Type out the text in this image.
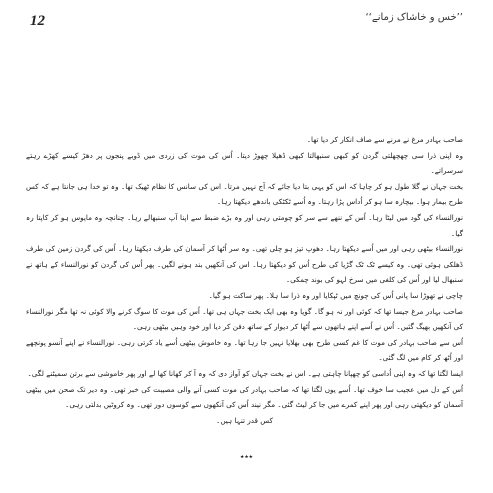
12	’’خس و خاشاک زمانے‘‘

صاحب بہادر مرغ نے مرنے سے صاف انکار کر دیا تھا۔

وہ اپنی ذرا سی چھچھلتی گردن کو کبھی سنبھالتا کبھی ڈھیلا چھوڑ دیتا۔ اُس کی موت کی زردی میں ڈوبے پنجوں پر دھڑ کیسے کھڑے رہتے سرسراتے۔

بخت جہاں نے گلا طول ہو کر چاہا کہ اس کو یہی بتا دیا جائے کہ آج نہیں مرتا۔ اس کی سانس کا نظام ٹھیک تھا۔ وہ تو خدا ہی جانتا ہے کہ کس طرح بیمار ہوا۔ بیچارہ سا ہو کر اُداس پڑا رہتا۔ وہ اُسے ٹکٹکی باندھے دیکھتا رہا۔

نورالنساء کی گود میں لیٹا رہا۔ اُس کے ننھے سے سر کو چومتی رہی اور وہ بڑے ضبط سے اپنا آپ سنبھالے رہا۔ چنانچہ وہ مایوس ہو کر کاپتا رہ گیا۔

نورالنساء بیٹھی رہی اور میں اُسے دیکھتا رہا۔ دھوپ تیز ہو چلی تھی۔ وہ سر اُٹھا کر آسمان کی طرف دیکھتا رہا۔ اُس کی گردن زمین کی طرف ڈھلکی ہوئی تھی۔ وہ کیسے ٹک ٹک گڑیا کی طرح اُس کو دیکھتا رہا۔ اس کی آنکھیں بند ہونے لگیں۔ پھر اُس کی گردن کو نورالنساء کے ہاتھ نے سنبھال لیا اور اُس کی کلغی میں سرخ لہو کی بوند چمکی۔

چاچی نے تھوڑا سا پانی اُس کی چونچ میں ٹپکایا اور وہ ذرا سا ہلا۔ پھر ساکت ہو گیا۔

صاحب بہادر مرغ جیسا تھا کہ کوئی اور نہ ہو گا۔ گویا وہ بھی ایک بخت جہاں ہی تھا۔ اُس کی موت کا سوگ کرنے والا کوئی نہ تھا مگر نورالنساء کی آنکھیں بھیگ گئیں۔ اُس نے اُسے اپنے ہاتھوں سے اُٹھا کر دیوار کے ساتھ دفن کر دیا اور خود وہیں بیٹھی رہی۔

اُس سے صاحب بہادر کی موت کا غم کسی طرح بھی بھلایا نہیں جا رہا تھا۔ وہ خاموش بیٹھی اُسے یاد کرتی رہی۔ نورالنساء نے اپنے آنسو پونچھے اور اُٹھ کر کام میں لگ گئی۔

ایسا لگتا تھا کہ وہ اپنی اُداسی کو چھپانا چاہتی ہے۔ اس نے بخت جہاں کو آواز دی کہ وہ آ کر کھانا کھا لے اور پھر خاموشی سے برتن سمیٹنے لگی۔

اُس کے دل میں عجیب سا خوف تھا۔ اُسے یوں لگتا تھا کہ صاحب بہادر کی موت کسی آنے والی مصیبت کی خبر تھی۔ وہ دیر تک صحن میں بیٹھی آسمان کو دیکھتی رہی اور پھر اپنے کمرے میں جا کر لیٹ گئی۔ مگر نیند اُس کی آنکھوں سے کوسوں دور تھی۔ وہ کروٹیں بدلتی رہی۔

کس قدر تنہا ہیں۔

٭٭٭
